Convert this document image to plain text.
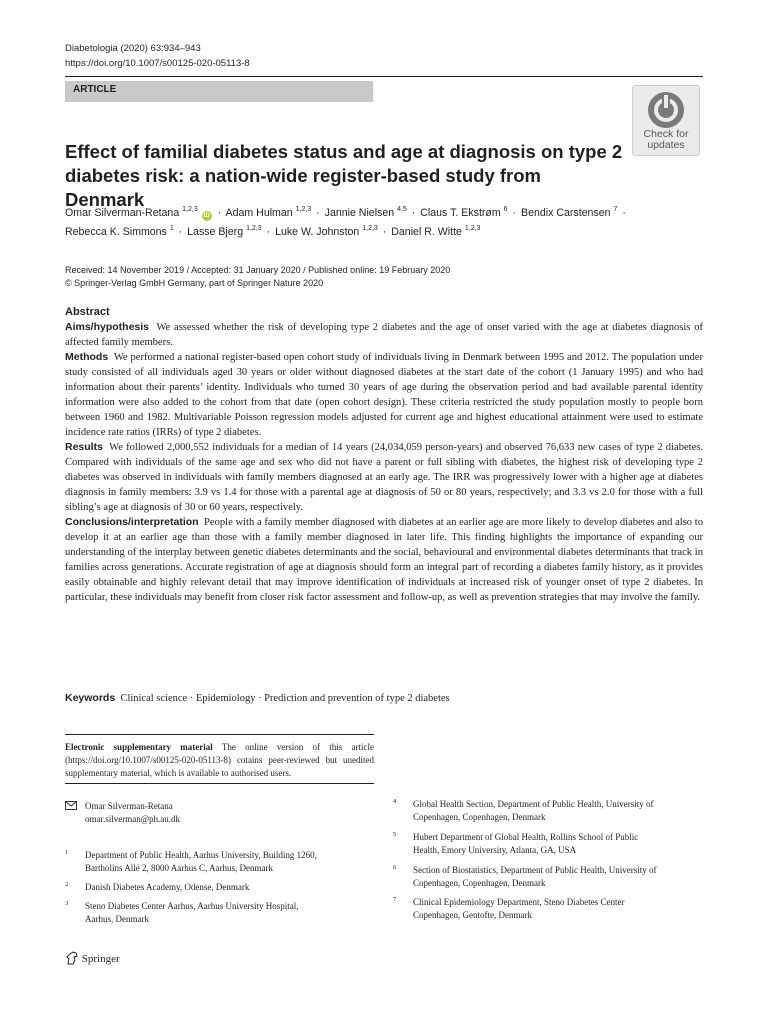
Diabetologia (2020) 63:934–943
https://doi.org/10.1007/s00125-020-05113-8
ARTICLE
Check for
updates
Effect of familial diabetes status and age at diagnosis on type 2
diabetes risk: a nation-wide register-based study from Denmark
Omar Silverman-Retana $^{1,2,3}$ iD · Adam Hulman $^{1,2,3}$ · Jannie Nielsen $^{4,5}$ · Claus T. Ekstrøm $^6$ · Bendix Carstensen $^7$ ·
Rebecca K. Simmons $^1$ · Lasse Bjerg $^{1,2,3}$ · Luke W. Johnston $^{1,2,3}$ · Daniel R. Witte $^{1,2,3}$
Received: 14 November 2019 / Accepted: 31 January 2020 / Published online: 19 February 2020
© Springer-Verlag GmbH Germany, part of Springer Nature 2020
Abstract

Aims/hypothesis We assessed whether the risk of developing type 2 diabetes and the age of onset varied with the age at diabetes diagnosis of affected family members.

Methods We performed a national register-based open cohort study of individuals living in Denmark between 1995 and 2012. The population under study consisted of all individuals aged 30 years or older without diagnosed diabetes at the start date of the cohort (1 January 1995) and who had information about their parents’ identity. Individuals who turned 30 years of age during the observation period and had available parental identity information were also added to the cohort from that date (open cohort design). These criteria restricted the study population mostly to people born between 1960 and 1982. Multivariable Poisson regression models adjusted for current age and highest educational attainment were used to estimate incidence rate ratios (IRRs) of type 2 diabetes.

Results We followed 2,000,552 individuals for a median of 14 years (24,034,059 person-years) and observed 76,633 new cases of type 2 diabetes. Compared with individuals of the same age and sex who did not have a parent or full sibling with diabetes, the highest risk of developing type 2 diabetes was observed in individuals with family members diagnosed at an early age. The IRR was progressively lower with a higher age at diabetes diagnosis in family members: 3.9 vs 1.4 for those with a parental age at diagnosis of 50 or 80 years, respectively; and 3.3 vs 2.0 for those with a full sibling’s age at diagnosis of 30 or 60 years, respectively.

Conclusions/interpretation People with a family member diagnosed with diabetes at an earlier age are more likely to develop diabetes and also to develop it at an earlier age than those with a family member diagnosed in later life. This finding highlights the importance of expanding our understanding of the interplay between genetic diabetes determinants and the social, behavioural and environmental diabetes determinants that track in families across generations. Accurate registration of age at diagnosis should form an integral part of recording a diabetes family history, as it provides easily obtainable and highly relevant detail that may improve identification of individuals at increased risk of younger onset of type 2 diabetes. In particular, these individuals may benefit from closer risk factor assessment and follow-up, as well as prevention strategies that may involve the family.

Keywords Clinical science · Epidemiology · Prediction and prevention of type 2 diabetes
Electronic supplementary material The online version of this article (https://doi.org/10.1007/s00125-020-05113-8) cotains peer-reviewed but unedited supplementary material, which is available to authorised users.
Omar Silverman-Retana
omar.silverman@ph.au.dk
1 Department of Public Health, Aarhus University, Building 1260,
Bartholins Allé 2, 8000 Aarhus C, Aarhus, Denmark
2 Danish Diabetes Academy, Odense, Denmark
3 Steno Diabetes Center Aarhus, Aarhus University Hospital,
Aarhus, Denmark
4 Global Health Section, Department of Public Health, University of
Copenhagen, Copenhagen, Denmark
5 Hubert Department of Global Health, Rollins School of Public
Health, Emory University, Atlanta, GA, USA
6 Section of Biostatistics, Department of Public Health, University of
Copenhagen, Copenhagen, Denmark
7 Clinical Epidemiology Department, Steno Diabetes Center
Copenhagen, Gentofte, Denmark
Springer
